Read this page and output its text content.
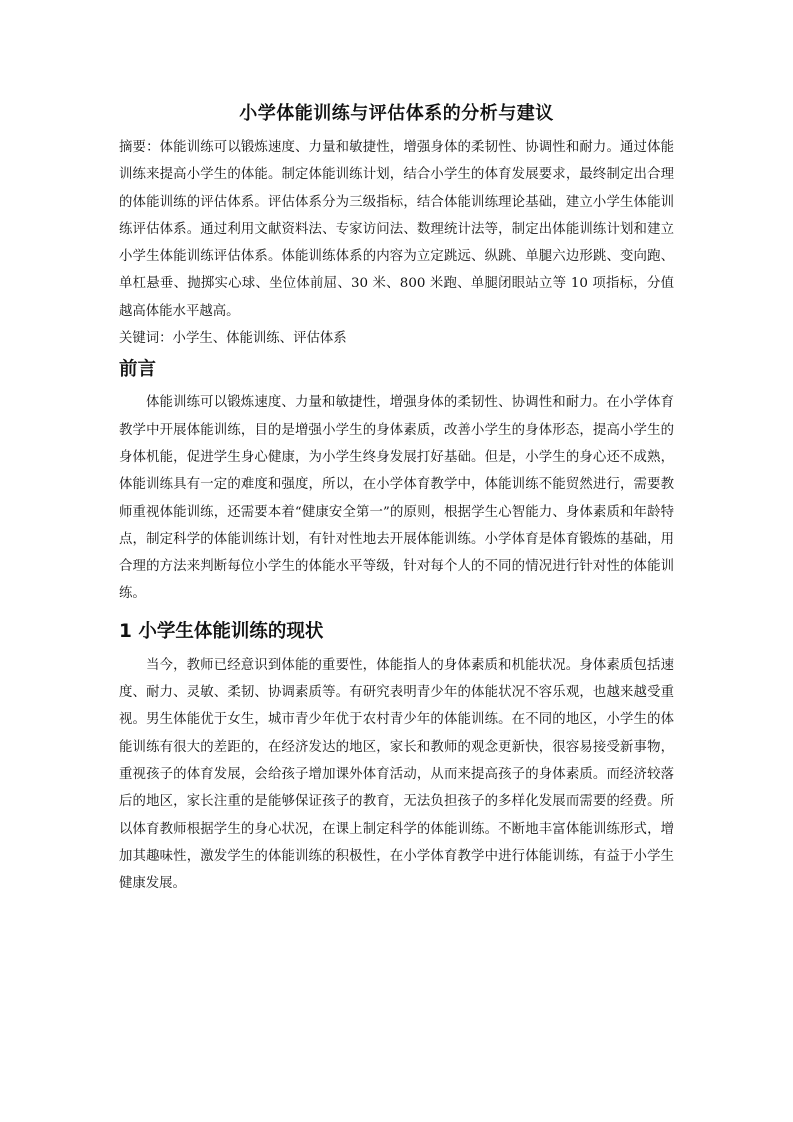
小学体能训练与评估体系的分析与建议

摘要：体能训练可以锻炼速度、力量和敏捷性，增强身体的柔韧性、协调性和耐力。通过体能训练来提高小学生的体能。制定体能训练计划，结合小学生的体育发展要求，最终制定出合理的体能训练的评估体系。评估体系分为三级指标，结合体能训练理论基础，建立小学生体能训练评估体系。通过利用文献资料法、专家访问法、数理统计法等，制定出体能训练计划和建立小学生体能训练评估体系。体能训练体系的内容为立定跳远、纵跳、单腿六边形跳、变向跑、单杠悬垂、抛掷实心球、坐位体前屈、30 米、800 米跑、单腿闭眼站立等 10 项指标，分值越高体能水平越高。

关键词：小学生、体能训练、评估体系

前言

体能训练可以锻炼速度、力量和敏捷性，增强身体的柔韧性、协调性和耐力。在小学体育教学中开展体能训练，目的是增强小学生的身体素质，改善小学生的身体形态，提高小学生的身体机能，促进学生身心健康，为小学生终身发展打好基础。但是，小学生的身心还不成熟，体能训练具有一定的难度和强度，所以，在小学体育教学中，体能训练不能贸然进行，需要教师重视体能训练，还需要本着“健康安全第一”的原则，根据学生心智能力、身体素质和年龄特点，制定科学的体能训练计划，有针对性地去开展体能训练。小学体育是体育锻炼的基础，用合理的方法来判断每位小学生的体能水平等级，针对每个人的不同的情况进行针对性的体能训练。

1 小学生体能训练的现状

当今，教师已经意识到体能的重要性，体能指人的身体素质和机能状况。身体素质包括速度、耐力、灵敏、柔韧、协调素质等。有研究表明青少年的体能状况不容乐观，也越来越受重视。男生体能优于女生，城市青少年优于农村青少年的体能训练。在不同的地区，小学生的体能训练有很大的差距的，在经济发达的地区，家长和教师的观念更新快，很容易接受新事物，重视孩子的体育发展，会给孩子增加课外体育活动，从而来提高孩子的身体素质。而经济较落后的地区，家长注重的是能够保证孩子的教育，无法负担孩子的多样化发展而需要的经费。所以体育教师根据学生的身心状况，在课上制定科学的体能训练。不断地丰富体能训练形式，增加其趣味性，激发学生的体能训练的积极性，在小学体育教学中进行体能训练，有益于小学生健康发展。
